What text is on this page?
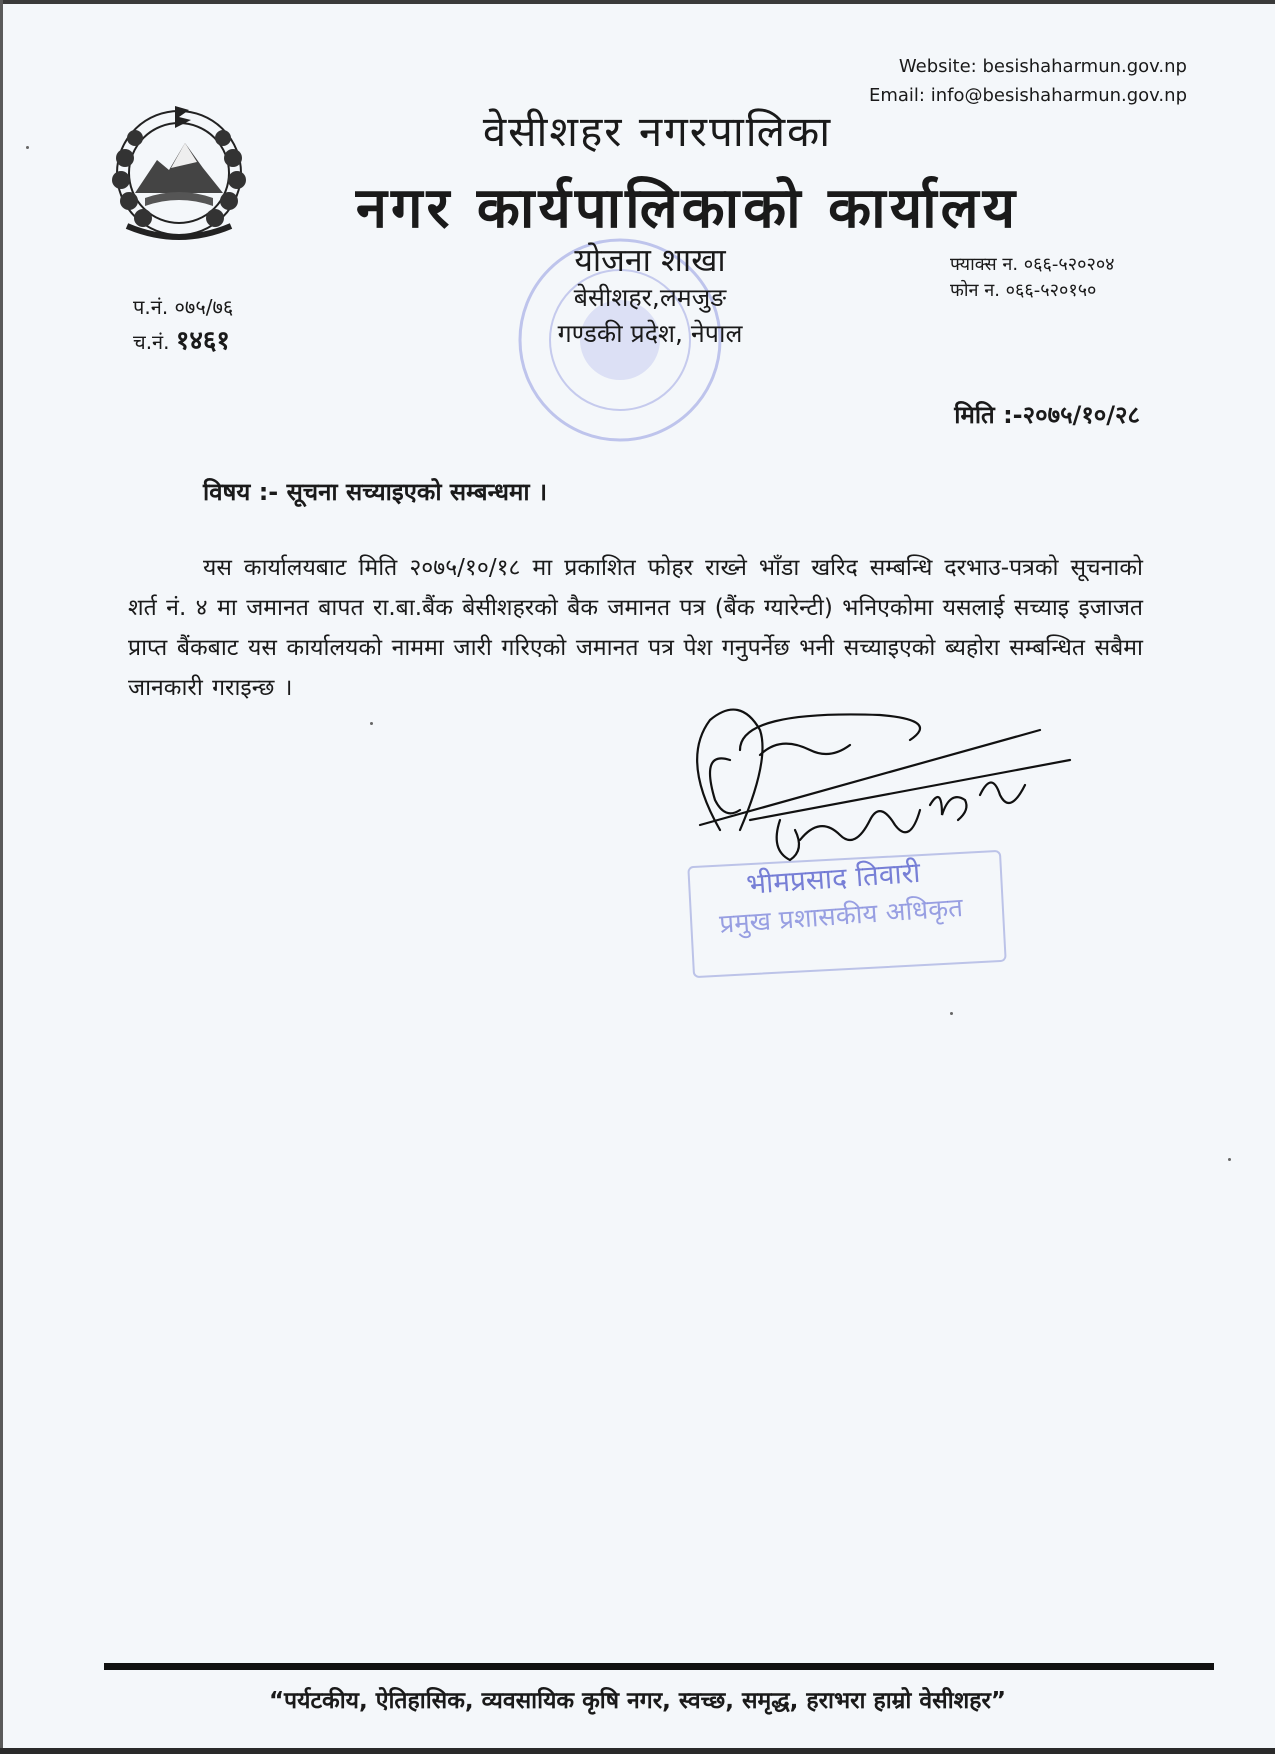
Website: besishaharmun.gov.np
Email: info@besishaharmun.gov.np
वेसीशहर नगरपालिका
नगर कार्यपालिकाको कार्यालय
योजना शाखा
बेसीशहर,लमजुङ
गण्डकी प्रदेश, नेपाल
फ्याक्स न. ०६६-५२०२०४
फोन न. ०६६-५२०१५०
प.नं. ०७५/७६
च.नं. १४६१
मिति :-२०७५/१०/२८
विषय :- सूचना सच्याइएको सम्बन्धमा ।
यस कार्यालयबाट मिति २०७५/१०/१८ मा प्रकाशित फोहर राख्ने भाँडा खरिद सम्बन्धि दरभाउ-पत्रको सूचनाको शर्त नं. ४ मा जमानत बापत रा.बा.बैंक बेसीशहरको बैक जमानत पत्र (बैंक ग्यारेन्टी) भनिएकोमा यसलाई सच्याइ इजाजत प्राप्त बैंकबाट यस कार्यालयको नाममा जारी गरिएको जमानत पत्र पेश गनुपर्नेछ भनी सच्याइएको ब्यहोरा सम्बन्धित सबैमा जानकारी गराइन्छ ।
भीमप्रसाद तिवारी
प्रमुख प्रशासकीय अधिकृत
“पर्यटकीय, ऐतिहासिक, व्यवसायिक कृषि नगर, स्वच्छ, समृद्ध, हराभरा हाम्रो वेसीशहर”
